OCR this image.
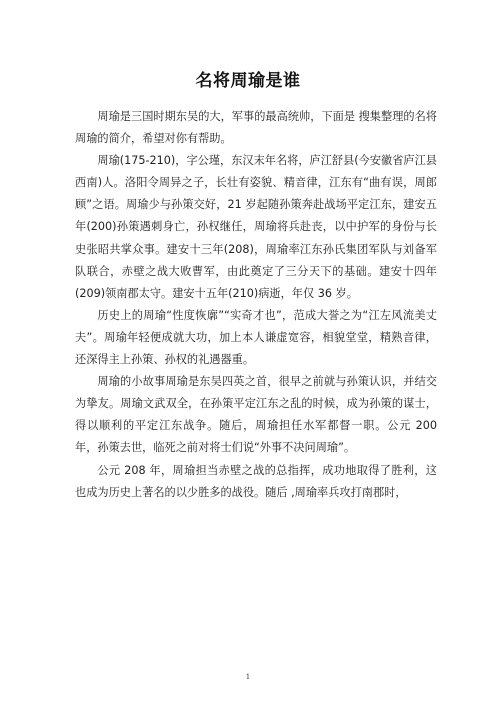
名将周瑜是谁

周瑜是三国时期东吴的大，军事的最高统帅，下面是 搜集整理的名将周瑜的简介，希望对你有帮助。

周瑜(175-210)，字公瑾，东汉末年名将，庐江舒县(今安徽省庐江县西南)人。洛阳令周异之子，长壮有姿貌、精音律，江东有“曲有误，周郎顾”之语。周瑜少与孙策交好，21 岁起随孙策奔赴战场平定江东，建安五年(200)孙策遇刺身亡，孙权继任，周瑜将兵赴丧，以中护军的身份与长史张昭共掌众事。建安十三年(208)，周瑜率江东孙氏集团军队与刘备军队联合，赤壁之战大败曹军，由此奠定了三分天下的基础。建安十四年(209)领南郡太守。建安十五年(210)病逝，年仅 36 岁。

历史上的周瑜“性度恢廓”“实奇才也”，范成大誉之为“江左风流美丈夫”。周瑜年轻便成就大功，加上本人谦虚宽容，相貌堂堂，精熟音律，还深得主上孙策、孙权的礼遇器重。

周瑜的小故事周瑜是东吴四英之首，很早之前就与孙策认识，并结交为挚友。周瑜文武双全，在孙策平定江东之乱的时候，成为孙策的谋士，得以顺利的平定江东战争。随后，周瑜担任水军都督一职。公元 200 年，孙策去世，临死之前对将士们说“外事不决问周瑜”。

公元 208 年，周瑜担当赤壁之战的总指挥，成功地取得了胜利，这也成为历史上著名的以少胜多的战役。随后 ,周瑜率兵攻打南郡时，

1
